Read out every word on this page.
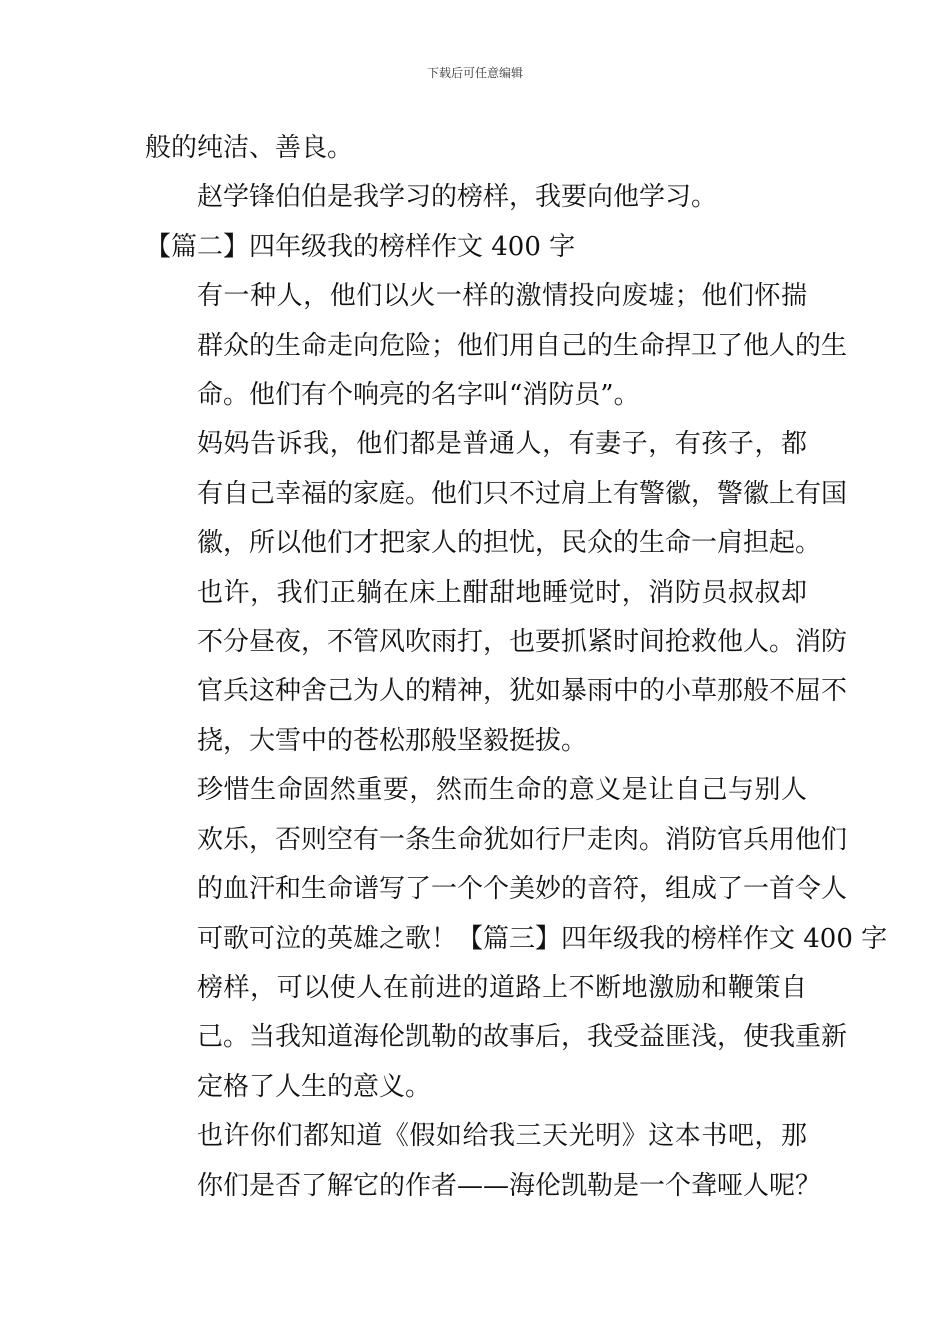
下载后可任意编辑

般的纯洁、善良。

赵学锋伯伯是我学习的榜样，我要向他学习。

【篇二】四年级我的榜样作文 400 字

有一种人，他们以火一样的激情投向废墟；他们怀揣
群众的生命走向危险；他们用自己的生命捍卫了他人的生
命。他们有个响亮的名字叫“消防员”。

妈妈告诉我，他们都是普通人，有妻子，有孩子，都
有自己幸福的家庭。他们只不过肩上有警徽，警徽上有国
徽，所以他们才把家人的担忧，民众的生命一肩担起。

也许，我们正躺在床上酣甜地睡觉时，消防员叔叔却
不分昼夜，不管风吹雨打，也要抓紧时间抢救他人。消防
官兵这种舍己为人的精神，犹如暴雨中的小草那般不屈不
挠，大雪中的苍松那般坚毅挺拔。

珍惜生命固然重要，然而生命的意义是让自己与别人
欢乐，否则空有一条生命犹如行尸走肉。消防官兵用他们
的血汗和生命谱写了一个个美妙的音符，组成了一首令人
可歌可泣的英雄之歌！【篇三】四年级我的榜样作文 400 字

榜样，可以使人在前进的道路上不断地激励和鞭策自
己。当我知道海伦凯勒的故事后，我受益匪浅，使我重新
定格了人生的意义。

也许你们都知道《假如给我三天光明》这本书吧，那
你们是否了解它的作者——海伦凯勒是一个聋哑人呢？
